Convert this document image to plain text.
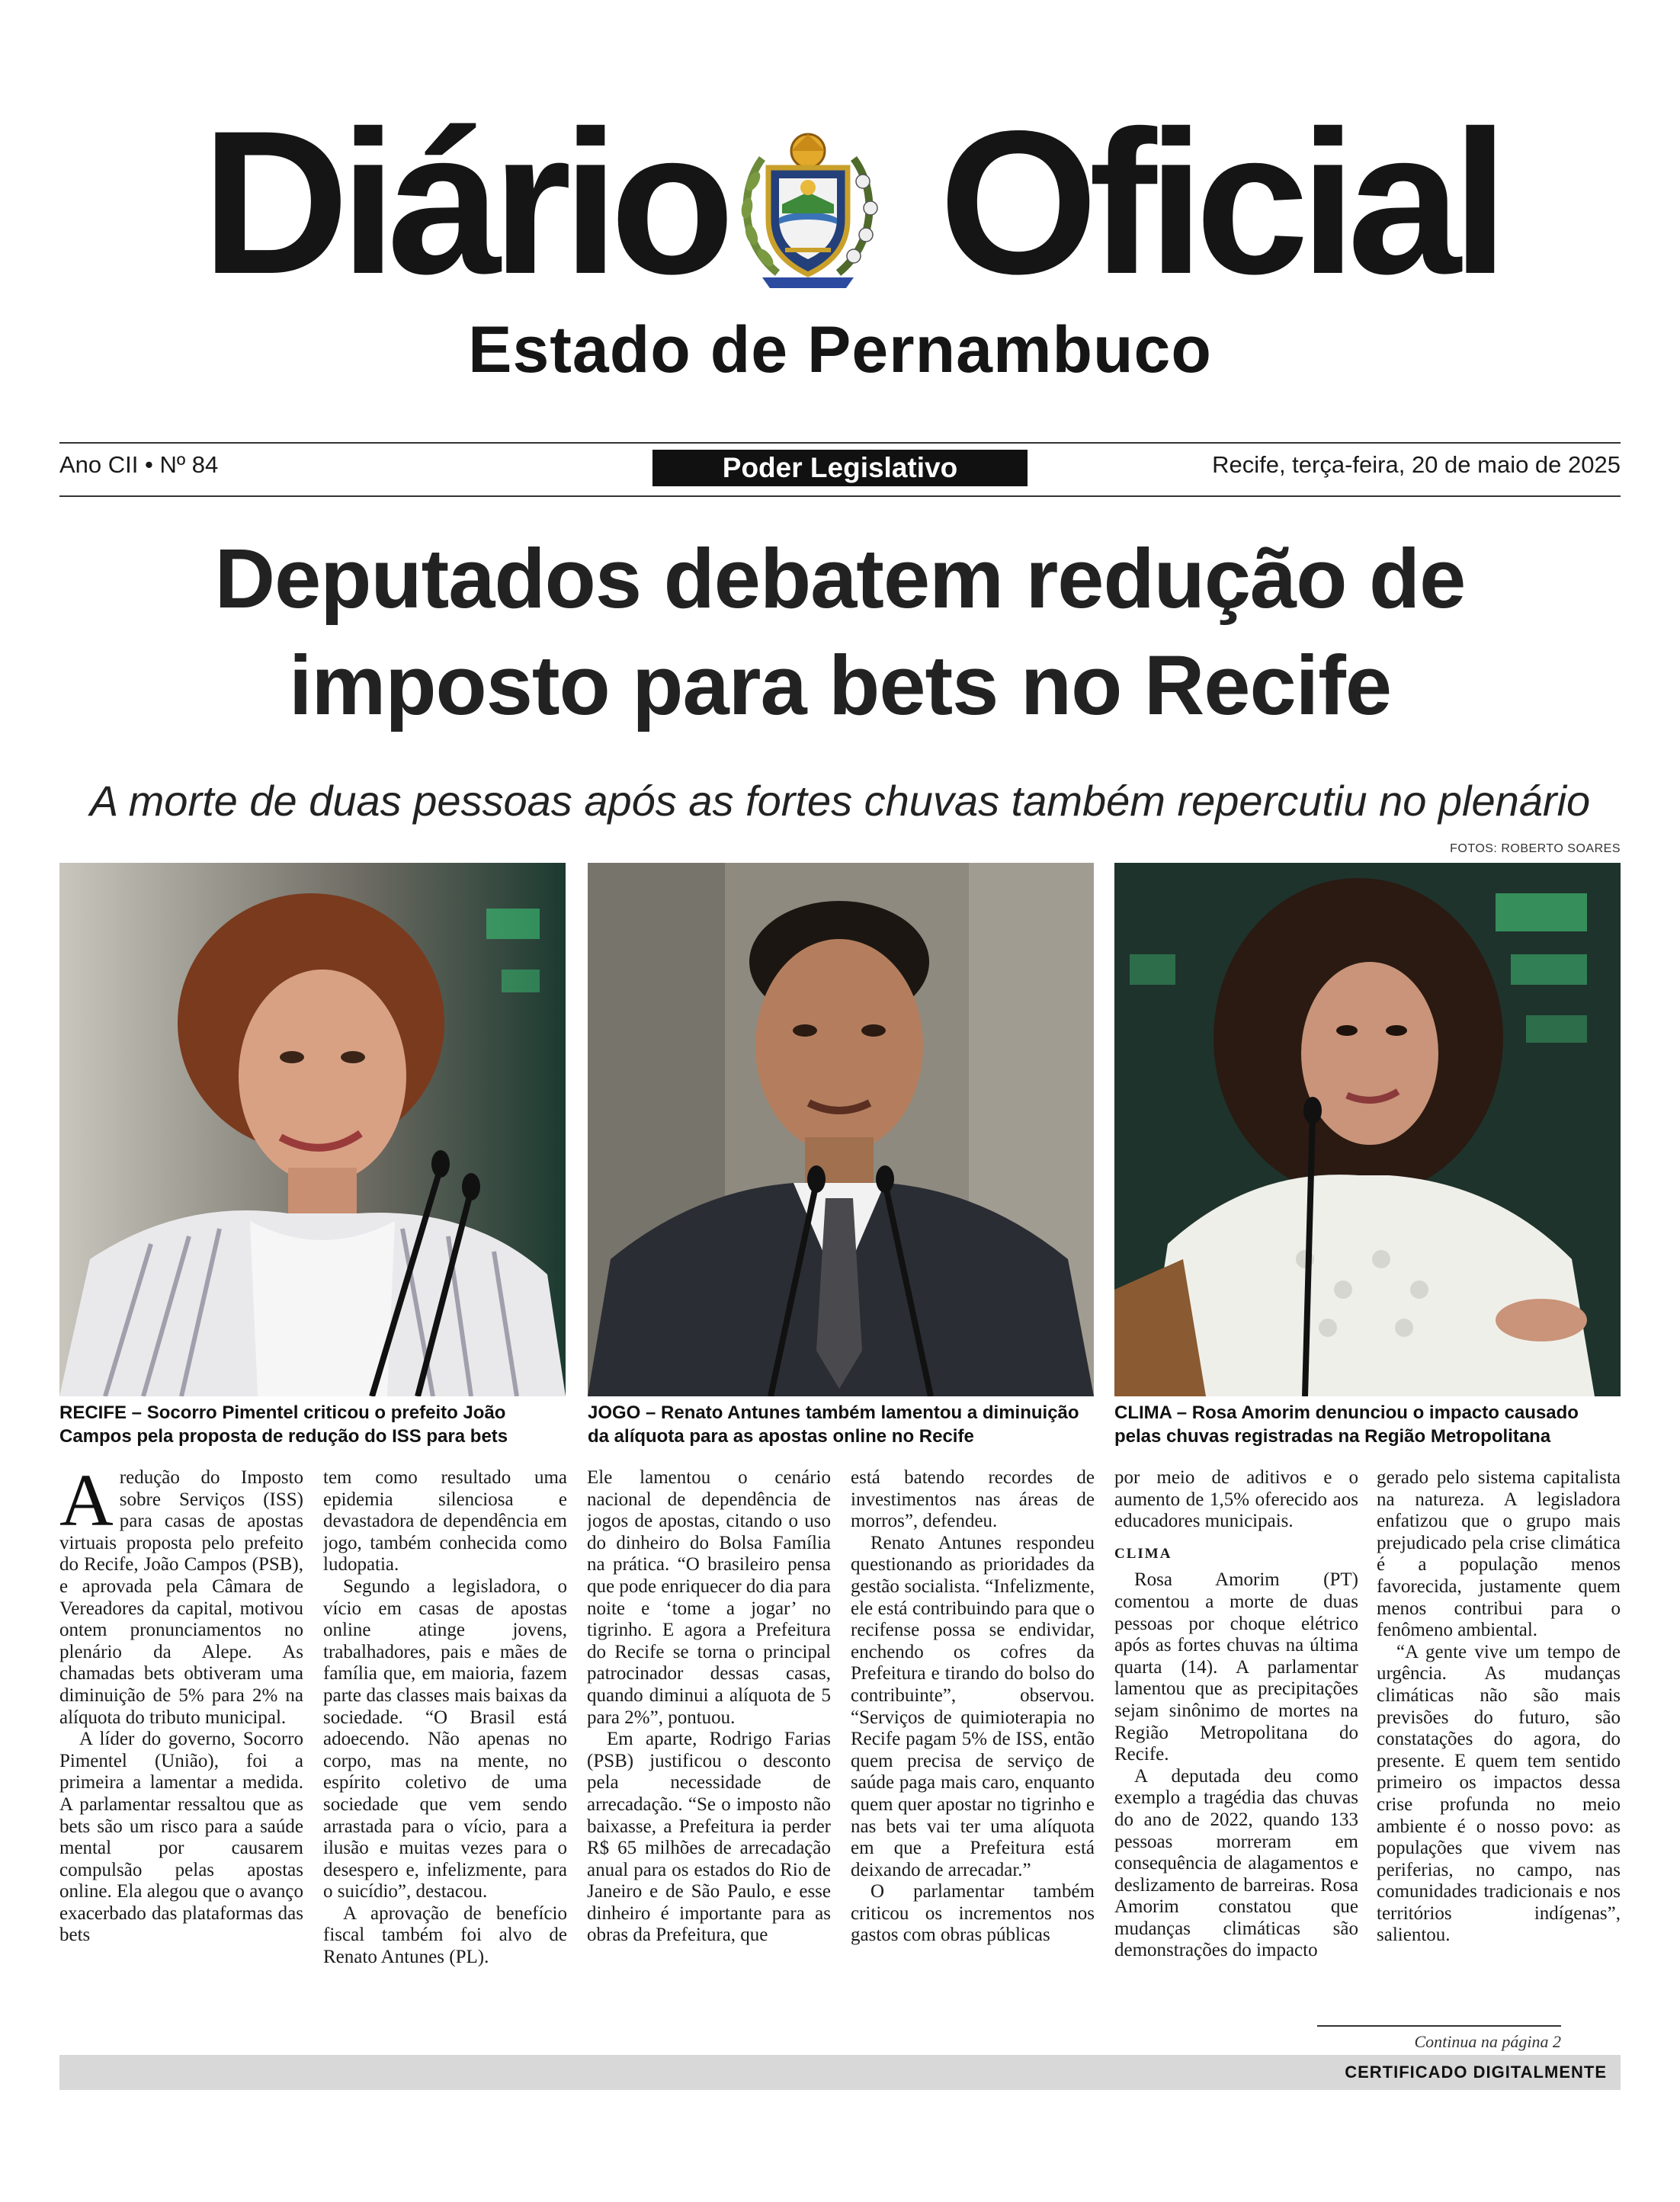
Diário Oficial
Estado de Pernambuco
Ano CII • Nº 84	Poder Legislativo	Recife, terça-feira, 20 de maio de 2025
Deputados debatem redução de
imposto para bets no Recife
A morte de duas pessoas após as fortes chuvas também repercutiu no plenário
FOTOS: ROBERTO SOARES
RECIFE – Socorro Pimentel criticou o prefeito João Campos pela proposta de redução do ISS para bets
JOGO – Renato Antunes também lamentou a diminuição da alíquota para as apostas online no Recife
CLIMA – Rosa Amorim denunciou o impacto causado pelas chuvas registradas na Região Metropolitana

Aredução do Imposto sobre Serviços (ISS) para casas de apostas virtuais proposta pelo prefeito do Recife, João Campos (PSB), e aprovada pela Câmara de Vereadores da capital, motivou ontem pronunciamentos no plenário da Alepe. As chamadas bets obtiveram uma diminuição de 5% para 2% na alíquota do tributo municipal.

A líder do governo, Socorro Pimentel (União), foi a primeira a lamentar a medida. A parlamentar ressaltou que as bets são um risco para a saúde mental por causarem compulsão pelas apostas online. Ela alegou que o avanço exacerbado das plataformas das bets

tem como resultado uma epidemia silenciosa e devastadora de dependência em jogo, também conhecida como ludopatia.

Segundo a legisladora, o vício em casas de apostas online atinge jovens, trabalhadores, pais e mães de família que, em maioria, fazem parte das classes mais baixas da sociedade. “O Brasil está adoecendo. Não apenas no corpo, mas na mente, no espírito coletivo de uma sociedade que vem sendo arrastada para o vício, para a ilusão e muitas vezes para o desespero e, infelizmente, para o suicídio”, destacou.

A aprovação de benefício fiscal também foi alvo de Renato Antunes (PL).

Ele lamentou o cenário nacional de dependência de jogos de apostas, citando o uso do dinheiro do Bolsa Família na prática. “O brasileiro pensa que pode enriquecer do dia para noite e ‘tome a jogar’ no tigrinho. E agora a Prefeitura do Recife se torna o principal patrocinador dessas casas, quando diminui a alíquota de 5 para 2%”, pontuou.

Em aparte, Rodrigo Farias (PSB) justificou o desconto pela necessidade de arrecadação. “Se o imposto não baixasse, a Prefeitura ia perder R$ 65 milhões de arrecadação anual para os estados do Rio de Janeiro e de São Paulo, e esse dinheiro é importante para as obras da Prefeitura, que

está batendo recordes de investimentos nas áreas de morros”, defendeu.

Renato Antunes respondeu questionando as prioridades da gestão socialista. “Infelizmente, ele está contribuindo para que o recifense possa se endividar, enchendo os cofres da Prefeitura e tirando do bolso do contribuinte”, observou. “Serviços de quimioterapia no Recife pagam 5% de ISS, então quem precisa de serviço de saúde paga mais caro, enquanto quem quer apostar no tigrinho e nas bets vai ter uma alíquota em que a Prefeitura está deixando de arrecadar.”

O parlamentar também criticou os incrementos nos gastos com obras públicas

por meio de aditivos e o aumento de 1,5% oferecido aos educadores municipais.

CLIMA

Rosa Amorim (PT) comentou a morte de duas pessoas por choque elétrico após as fortes chuvas na última quarta (14). A parlamentar lamentou que as precipitações sejam sinônimo de mortes na Região Metropolitana do Recife.

A deputada deu como exemplo a tragédia das chuvas do ano de 2022, quando 133 pessoas morreram em consequência de alagamentos e deslizamento de barreiras. Rosa Amorim constatou que mudanças climáticas são demonstrações do impacto

gerado pelo sistema capitalista na natureza. A legisladora enfatizou que o grupo mais prejudicado pela crise climática é a população menos favorecida, justamente quem menos contribui para o fenômeno ambiental.

“A gente vive um tempo de urgência. As mudanças climáticas não são mais previsões do futuro, são constatações do agora, do presente. E quem tem sentido primeiro os impactos dessa crise profunda no meio ambiente é o nosso povo: as populações que vivem nas periferias, no campo, nas comunidades tradicionais e nos territórios indígenas”, salientou.

Continua na página 2
CERTIFICADO DIGITALMENTE
